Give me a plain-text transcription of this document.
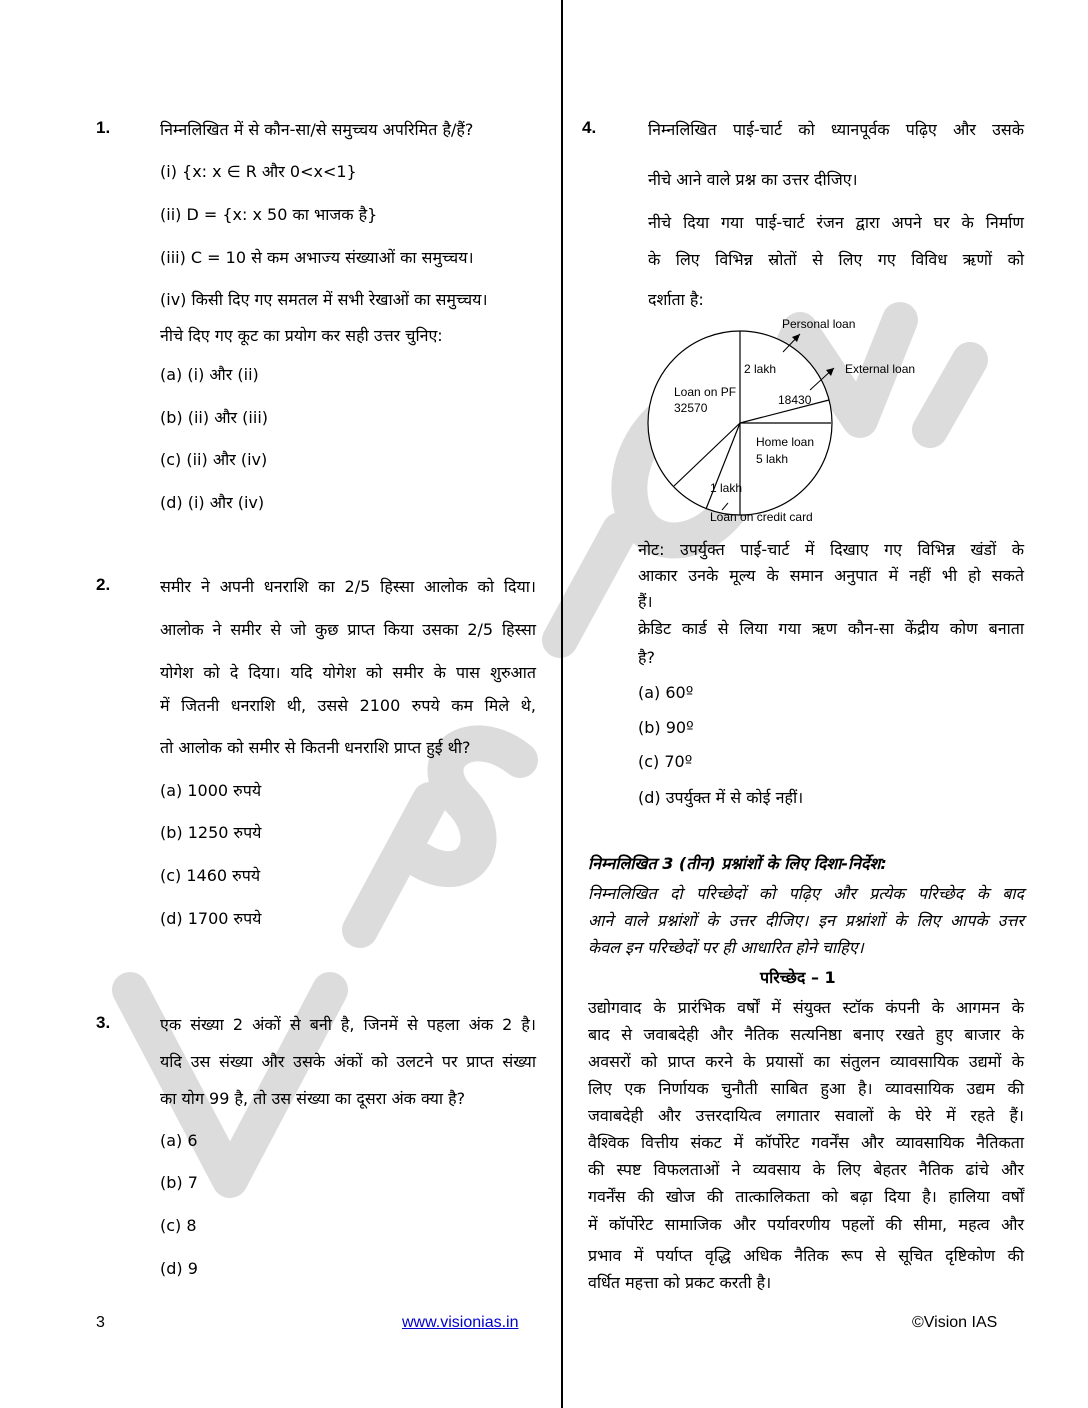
1.	निम्नलिखित में से कौन-सा/से समुच्चय अपरिमित है/हैं?
(i) {x: x ∈ R और 0<x<1}
(ii) D = {x: x 50 का भाजक है}
(iii) C = 10 से कम अभाज्य संख्याओं का समुच्चय।
(iv) किसी दिए गए समतल में सभी रेखाओं का समुच्चय।
नीचे दिए गए कूट का प्रयोग कर सही उत्तर चुनिए:
(a) (i) और (ii)
(b) (ii) और (iii)
(c) (ii) और (iv)
(d) (i) और (iv)
2.	समीर ने अपनी धनराशि का 2/5 हिस्सा आलोक को दिया।
आलोक ने समीर से जो कुछ प्राप्त किया उसका 2/5 हिस्सा
योगेश को दे दिया। यदि योगेश को समीर के पास शुरुआत
में जितनी धनराशि थी, उससे 2100 रुपये कम मिले थे,
तो आलोक को समीर से कितनी धनराशि प्राप्त हुई थी?
(a) 1000 रुपये
(b) 1250 रुपये
(c) 1460 रुपये
(d) 1700 रुपये
3.	एक संख्या 2 अंकों से बनी है, जिनमें से पहला अंक 2 है।
यदि उस संख्या और उसके अंकों को उलटने पर प्राप्त संख्या
का योग 99 है, तो उस संख्या का दूसरा अंक क्या है?
(a) 6
(b) 7
(c) 8
(d) 9
4.	निम्नलिखित पाई-चार्ट को ध्यानपूर्वक पढ़िए और उसके
नीचे आने वाले प्रश्न का उत्तर दीजिए।
नीचे दिया गया पाई-चार्ट रंजन द्वारा अपने घर के निर्माण
के लिए विभिन्न स्रोतों से लिए गए विविध ऋणों को
दर्शाता है:
Personal loan
2 lakh	External loan
18430
Home loan
5 lakh
1 lakh
Loan on credit card
Loan on PF
32570
नोट: उपर्युक्त पाई-चार्ट में दिखाए गए विभिन्न खंडों के
आकार उनके मूल्य के समान अनुपात में नहीं भी हो सकते
हैं।
क्रेडिट कार्ड से लिया गया ऋण कौन-सा केंद्रीय कोण बनाता
है?
(a) 60º
(b) 90º
(c) 70º
(d) उपर्युक्त में से कोई नहीं।
निम्नलिखित 3 (तीन) प्रश्नांशों के लिए दिशा-निर्देश:
निम्नलिखित दो परिच्छेदों को पढ़िए और प्रत्येक परिच्छेद के बाद
आने वाले प्रश्नांशों के उत्तर दीजिए। इन प्रश्नांशों के लिए आपके उत्तर
केवल इन परिच्छेदों पर ही आधारित होने चाहिए।
परिच्छेद – 1
उद्योगवाद के प्रारंभिक वर्षों में संयुक्त स्टॉक कंपनी के आगमन के
बाद से जवाबदेही और नैतिक सत्यनिष्ठा बनाए रखते हुए बाजार के
अवसरों को प्राप्त करने के प्रयासों का संतुलन व्यावसायिक उद्यमों के
लिए एक निर्णायक चुनौती साबित हुआ है। व्यावसायिक उद्यम की
जवाबदेही और उत्तरदायित्व लगातार सवालों के घेरे में रहते हैं।
वैश्विक वित्तीय संकट में कॉर्पोरेट गवर्नेंस और व्यावसायिक नैतिकता
की स्पष्ट विफलताओं ने व्यवसाय के लिए बेहतर नैतिक ढांचे और
गवर्नेंस की खोज की तात्कालिकता को बढ़ा दिया है। हालिया वर्षों
में कॉर्पोरेट सामाजिक और पर्यावरणीय पहलों की सीमा, महत्व और
प्रभाव में पर्याप्त वृद्धि अधिक नैतिक रूप से सूचित दृष्टिकोण की
वर्धित महत्ता को प्रकट करती है।
3	www.visionias.in	©Vision IAS
